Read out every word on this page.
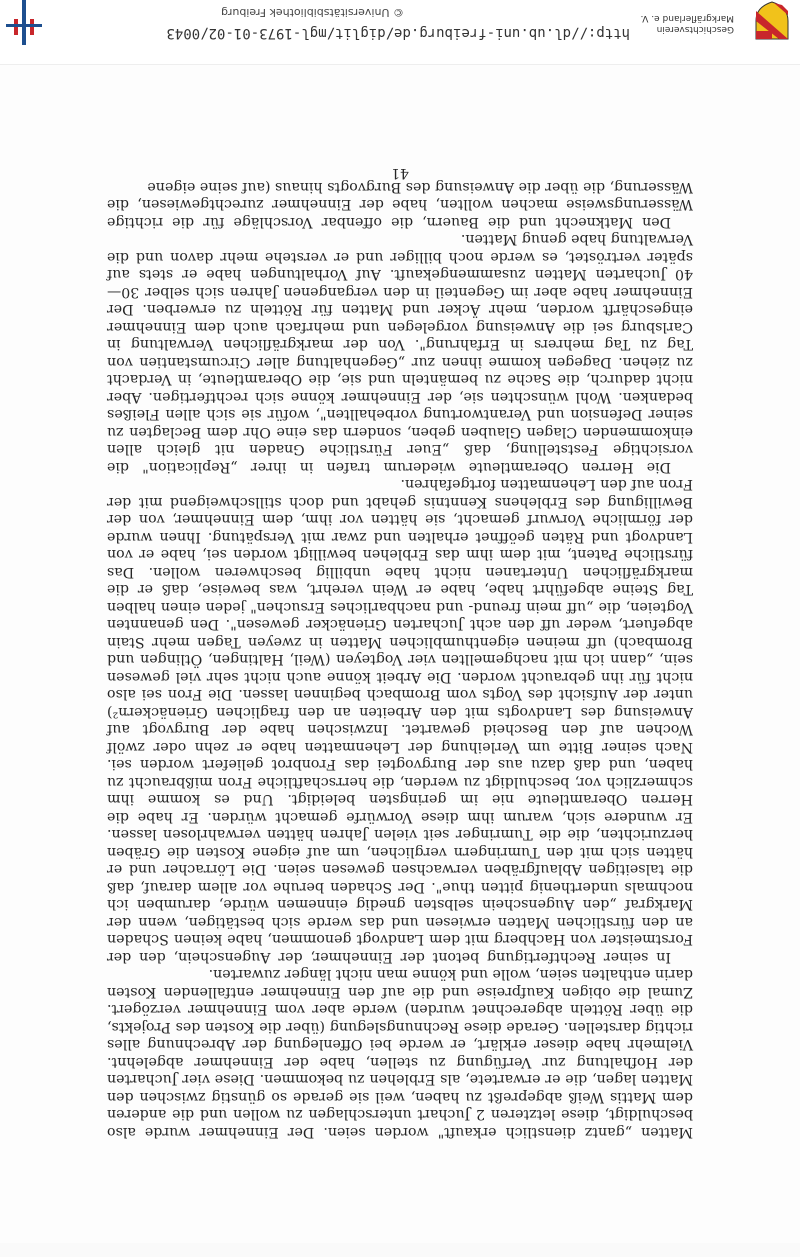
Matten „gantz dienstlich erkauft" worden seien. Der Einnehmer wurde also beschuldigt, diese letzteren 2 Juchart unterschlagen zu wollen und die anderen dem Mattis Weiß abgepreßt zu haben, weil sie gerade so günstig zwischen den Matten lagen, die er erwartete, als Erblehen zu bekommen. Diese vier Jucharten der Hofhaltung zur Verfügung zu stellen, habe der Einnehmer abgelehnt. Vielmehr habe dieser erklärt, er werde bei Offenlegung der Abrechnung alles richtig darstellen. Gerade diese Rechnungslegung (über die Kosten des Projekts, die über Rötteln abgerechnet wurden) werde aber vom Einnehmer verzögert. Zumal die obigen Kaufpreise und die auf den Einnehmer entfallenden Kosten darin enthalten seien, wolle und könne man nicht länger zuwarten.

In seiner Rechtfertigung betont der Einnehmer, der Augenschein, den der Forstmeister von Hachberg mit dem Landvogt genommen, habe keinen Schaden an den fürstlichen Matten erwiesen und das werde sich bestätigen, wenn der Markgraf „den Augenschein selbsten gnedig einnemen würde, darumben ich nochmals underthenig pitten thue". Der Schaden beruhe vor allem darauf, daß die talseitigen Ablaufgräben verwachsen gewesen seien. Die Lörracher und er hätten sich mit den Tumringern verglichen, um auf eigene Kosten die Gräben herzurichten, die die Tumringer seit vielen Jahren hätten verwahrlosen lassen. Er wundere sich, warum ihm diese Vorwürfe gemacht würden. Er habe die Herren Oberamtleute nie im geringsten beleidigt. Und es komme ihm schmerzlich vor, beschuldigt zu werden, die herrschaftliche Fron mißbraucht zu haben, und daß dazu aus der Burgvogtei das Fronbrot geliefert worden sei. Nach seiner Bitte um Verleihung der Lehenmatten habe er zehn oder zwölf Wochen auf den Bescheid gewartet. Inzwischen habe der Burgvogt auf Anweisung des Landvogts mit den Arbeiten an den fraglichen Grienäckern²) unter der Aufsicht des Vogts vom Brombach beginnen lassen. Die Fron sei also nicht für ihn gebraucht worden. Die Arbeit könne auch nicht sehr viel gewesen sein, „dann ich mit nachgemellten vier Vogteyen (Weil, Haltingen, Ötlingen und Brombach) uff meinen eigenthumblichen Matten in zweyen Tagen mehr Stain abgefuert, weder uff den acht Jucharten Grienäcker gewesen". Den genannten Vogteien, die „uff mein freund- und nachbarliches Ersuchen" jeden einen halben Tag Steine abgeführt habe, habe er Wein verehrt, was beweise, daß er die markgräflichen Untertanen nicht habe unbillig beschweren wollen. Das fürstliche Patent, mit dem ihm das Erblehen bewilligt worden sei, habe er von Landvogt und Räten geöffnet erhalten und zwar mit Verspätung. Ihnen wurde der förmliche Vorwurf gemacht, sie hätten vor ihm, dem Einnehmer, von der Bewilligung des Erblehens Kenntnis gehabt und doch stillschweigend mit der Fron auf den Lehenmatten fortgefahren.

Die Herren Oberamtleute wiederum trafen in ihrer „Replication" die vorsichtige Feststellung, daß „Euer Fürstliche Gnaden nit gleich allen einkommenden Clagen Glauben geben, sondern das eine Ohr dem Beclagten zu seiner Defension und Verantwortung vorbehallten", wofür sie sich allen Fleißes bedanken. Wohl wünschten sie, der Einnehmer könne sich rechtfertigen. Aber nicht dadurch, die Sache zu bemänteln und sie, die Oberamtleute, in Verdacht zu ziehen. Dagegen komme ihnen zur „Gegenhaltung aller Circumstantien von Tag zu Tag mehrers in Erfahrung". Von der markgräflichen Verwaltung in Carlsburg sei die Anweisung vorgelegen und mehrfach auch dem Einnehmer eingeschärft worden, mehr Äcker und Matten für Rötteln zu erwerben. Der Einnehmer habe aber im Gegenteil in den vergangenen Jahren sich selber 30—40 Jucharten Matten zusammengekauft. Auf Vorhaltungen habe er stets auf später vertröstet, es werde noch billiger und er verstehe mehr davon und die Verwaltung habe genug Matten.

Den Matknecht und die Bauern, die offenbar Vorschläge für die richtige Wässerungsweise machen wollten, habe der Einnehmer zurechtgewiesen, die Wässerung, die über die Anweisung des Burgvogts hinaus (auf seine eigene

41
Geschichtsverein
Markgräflerland e. V.
http://dl.ub.uni-freiburg.de/diglit/mgl-1973-01-02/0043
© Universitätsbibliothek Freiburg
